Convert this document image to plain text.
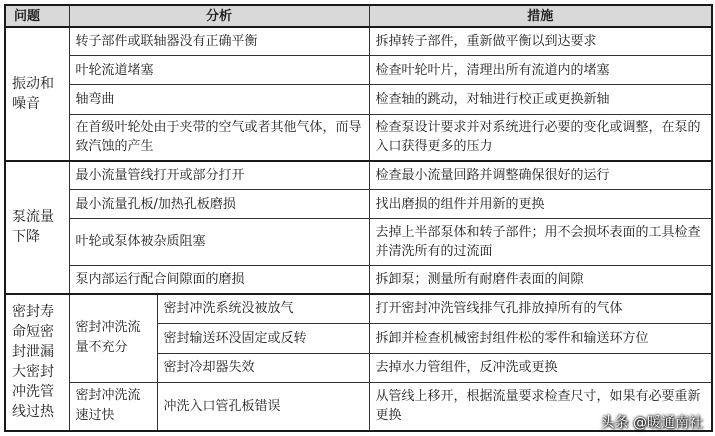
问题	分析		措施
振动和噪音	转子部件或联轴器没有正确平衡		拆掉转子部件，重新做平衡以到达要求
	叶轮流道堵塞		检查叶轮叶片，清理出所有流道内的堵塞
	轴弯曲		检查轴的跳动，对轴进行校正或更换新轴
	在首级叶轮处由于夹带的空气或者其他气体，而导致汽蚀的产生		检查泵设计要求并对系统进行必要的变化或调整，在泵的入口获得更多的压力
泵流量下降	最小流量管线打开或部分打开		检查最小流量回路并调整确保很好的运行
	最小流量孔板/加热孔板磨损		找出磨损的组件并用新的更换
	叶轮或泵体被杂质阻塞		去掉上半部泵体和转子部件；用不会损坏表面的工具检查并清洗所有的过流面
	泵内部运行配合间隙面的磨损		拆卸泵；测量所有耐磨件表面的间隙
密封寿命短密封泄漏大密封冲洗管线过热	密封冲洗流量不充分	密封冲洗系统没被放气	打开密封冲洗管线排气孔排放掉所有的气体
		密封输送环没固定或反转	拆卸并检查机械密封组件松的零件和输送环方位
		密封冷却器失效	去掉水力管组件，反冲洗或更换
	密封冲洗流速过快	冲洗入口管孔板错误	从管线上移开，根据流量要求检查尺寸，如果有必要重新更换	头条 @暖通南社
